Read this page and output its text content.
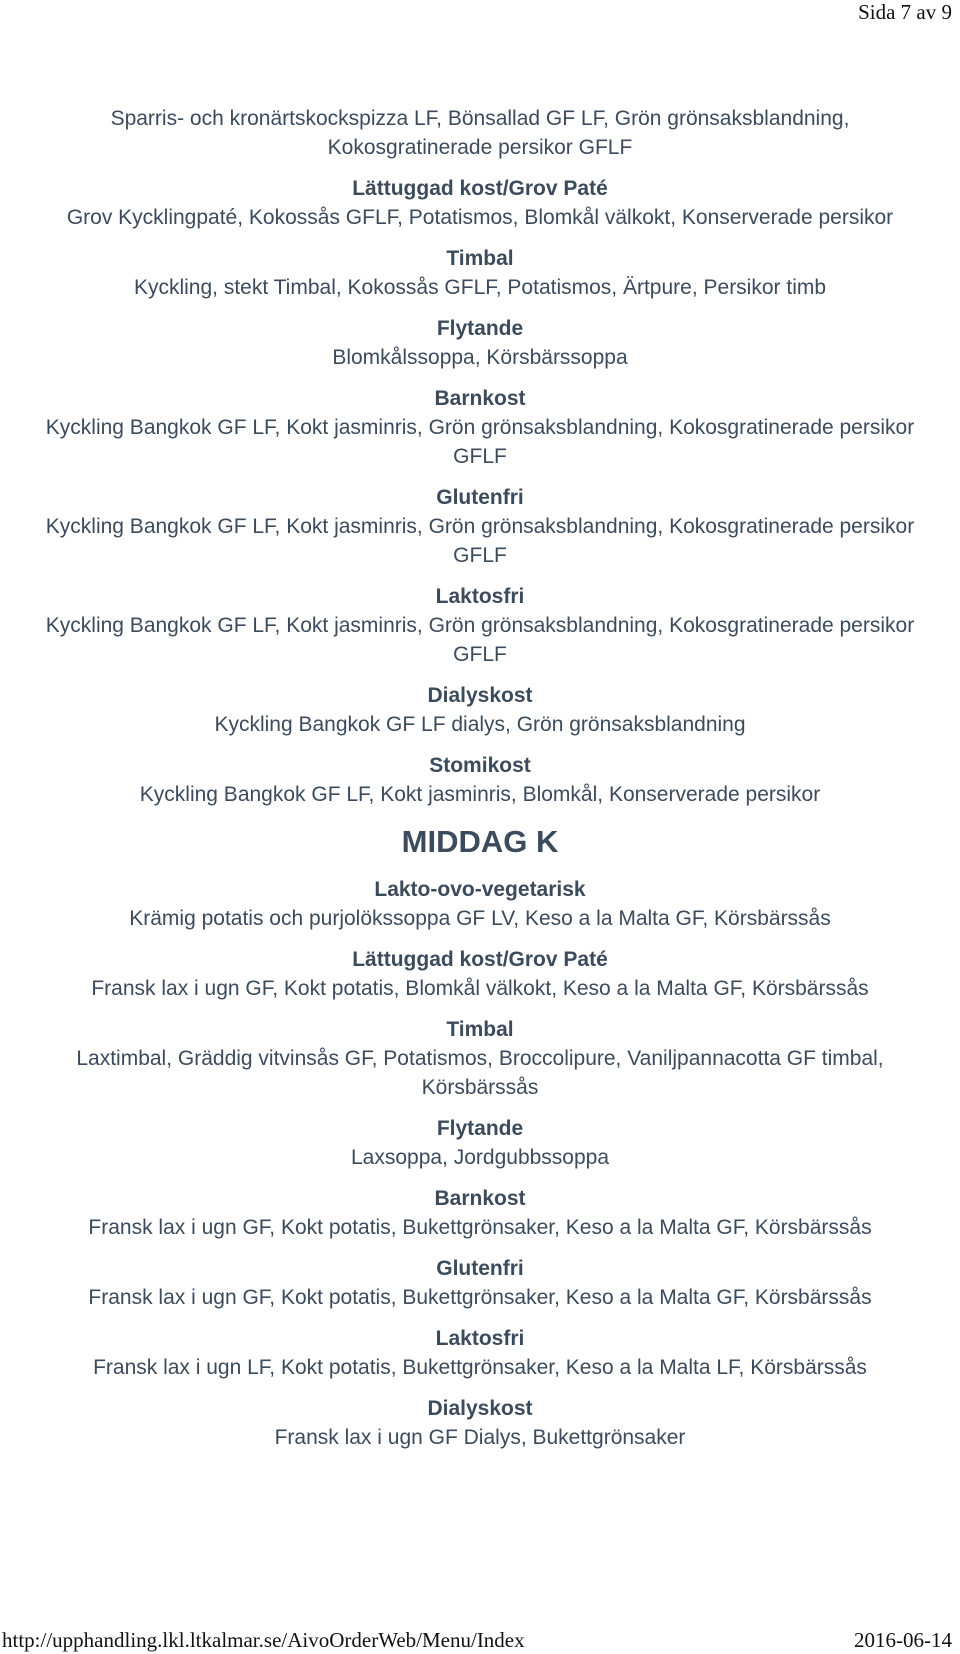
Sida 7 av 9

Sparris- och kronärtskockspizza LF, Bönsallad GF LF, Grön grönsaksblandning, Kokosgratinerade persikor GFLF

Lättuggad kost/Grov Paté

Grov Kycklingpaté, Kokossås GFLF, Potatismos, Blomkål välkokt, Konserverade persikor

Timbal

Kyckling, stekt Timbal, Kokossås GFLF, Potatismos, Ärtpure, Persikor timb

Flytande

Blomkålssoppa, Körsbärssoppa

Barnkost

Kyckling Bangkok GF LF, Kokt jasminris, Grön grönsaksblandning, Kokosgratinerade persikor GFLF

Glutenfri

Kyckling Bangkok GF LF, Kokt jasminris, Grön grönsaksblandning, Kokosgratinerade persikor GFLF

Laktosfri

Kyckling Bangkok GF LF, Kokt jasminris, Grön grönsaksblandning, Kokosgratinerade persikor GFLF

Dialyskost

Kyckling Bangkok GF LF dialys, Grön grönsaksblandning

Stomikost

Kyckling Bangkok GF LF, Kokt jasminris, Blomkål, Konserverade persikor

MIDDAG K
Lakto-ovo-vegetarisk

Krämig potatis och purjolökssoppa GF LV, Keso a la Malta GF, Körsbärssås

Lättuggad kost/Grov Paté

Fransk lax i ugn GF, Kokt potatis, Blomkål välkokt, Keso a la Malta GF, Körsbärssås

Timbal

Laxtimbal, Gräddig vitvinsås GF, Potatismos, Broccolipure, Vaniljpannacotta GF timbal, Körsbärssås

Flytande

Laxsoppa, Jordgubbssoppa

Barnkost

Fransk lax i ugn GF, Kokt potatis, Bukettgrönsaker, Keso a la Malta GF, Körsbärssås

Glutenfri

Fransk lax i ugn GF, Kokt potatis, Bukettgrönsaker, Keso a la Malta GF, Körsbärssås

Laktosfri

Fransk lax i ugn LF, Kokt potatis, Bukettgrönsaker, Keso a la Malta LF, Körsbärssås

Dialyskost

Fransk lax i ugn GF Dialys, Bukettgrönsaker

http://upphandling.lkl.ltkalmar.se/AivoOrderWeb/Menu/Index	2016-06-14
